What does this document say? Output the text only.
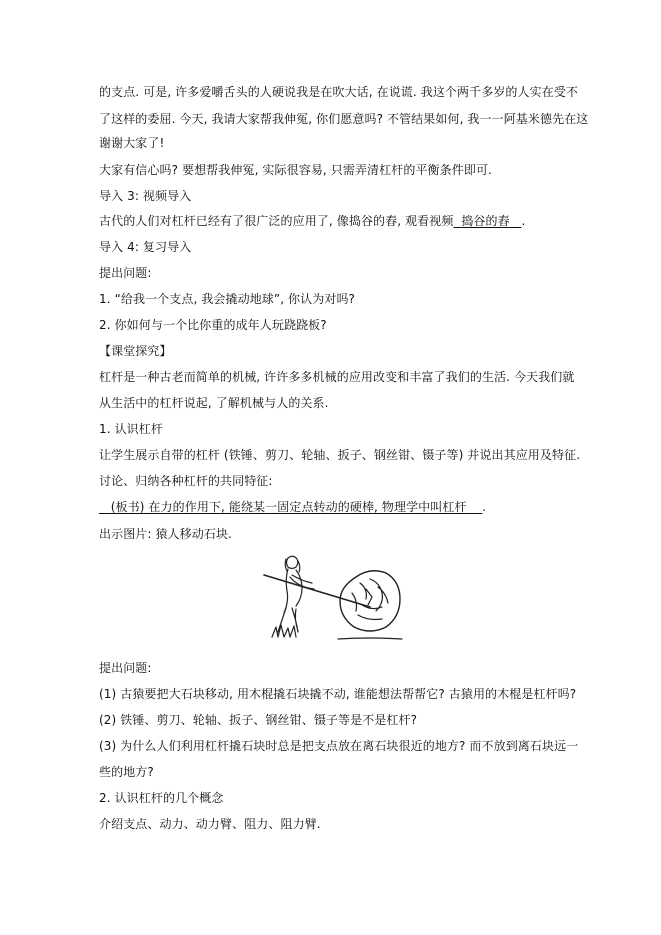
的支点. 可是, 许多爱嚼舌头的人硬说我是在吹大话, 在说谎. 我这个两千多岁的人实在受不
了这样的委屈. 今天, 我请大家帮我伸冤, 你们愿意吗? 不管结果如何, 我一一阿基米德先在这
谢谢大家了!
大家有信心吗? 要想帮我伸冤, 实际很容易, 只需弄清杠杆的平衡条件即可.
导入 3: 视频导入
古代的人们对杠杆已经有了很广泛的应用了, 像捣谷的舂, 观看视频 捣谷的舂 .
导入 4: 复习导入
提出问题:
1. “给我一个支点, 我会撬动地球”, 你认为对吗?
2. 你如何与一个比你重的成年人玩跷跷板?
【课堂探究】
杠杆是一种古老而简单的机械, 许许多多机械的应用改变和丰富了我们的生活. 今天我们就
从生活中的杠杆说起, 了解机械与人的关系.
1. 认识杠杆
让学生展示自带的杠杆 (铁锤、剪刀、轮轴、扳子、钢丝钳、镊子等) 并说出其应用及特征.
讨论、归纳各种杠杆的共同特征:
(板书) 在力的作用下, 能绕某一固定点转动的硬棒, 物理学中叫杠杆 .
出示图片: 猿人移动石块.
提出问题:
(1) 古猿要把大石块移动, 用木棍撬石块撬不动, 谁能想法帮帮它? 古猿用的木棍是杠杆吗?
(2) 铁锤、剪刀、轮轴、扳子、钢丝钳、镊子等是不是杠杆?
(3) 为什么人们利用杠杆撬石块时总是把支点放在离石块很近的地方? 而不放到离石块远一
些的地方?
2. 认识杠杆的几个概念
介绍支点、动力、动力臂、阻力、阻力臂.
